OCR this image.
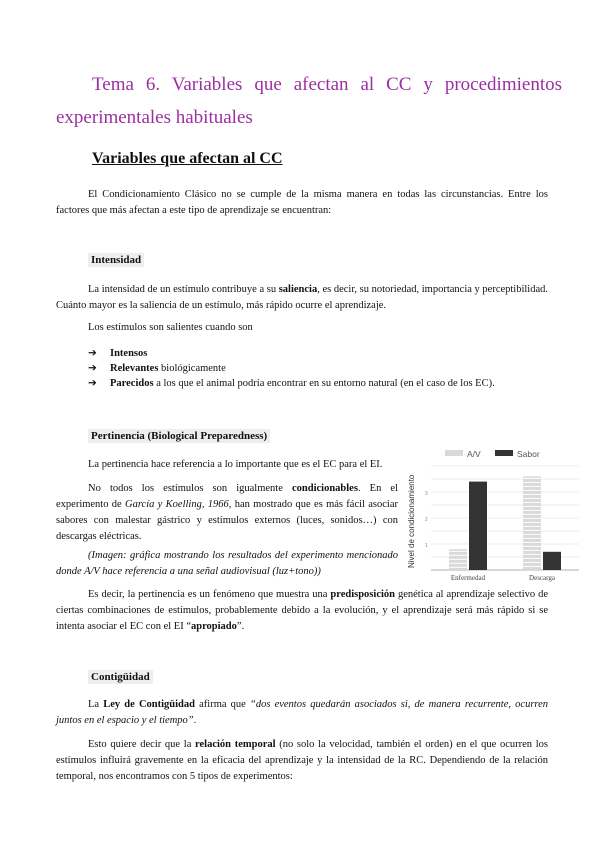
Tema 6. Variables que afectan al CC y procedimientos
experimentales habituales
Variables que afectan al CC
El Condicionamiento Clásico no se cumple de la misma manera en todas las circunstancias. Entre los factores que más afectan a este tipo de aprendizaje se encuentran:
Intensidad
La intensidad de un estímulo contribuye a su saliencia, es decir, su notoriedad, importancia y perceptibilidad. Cuánto mayor es la saliencia de un estímulo, más rápido ocurre el aprendizaje.
Los estímulos son salientes cuando son
➔ Intensos
➔ Relevantes biológicamente
➔ Parecidos a los que el animal podría encontrar en su entorno natural (en el caso de los EC).
Pertinencia (Biological Preparedness)
La pertinencia hace referencia a lo importante que es el EC para el EI.
No todos los estímulos son igualmente condicionables. En el experimento de García y Koelling, 1966, han mostrado que es más fácil asociar sabores con malestar gástrico y estímulos externos (luces, sonidos…) con descargas eléctricas.
(Imagen: gráfica mostrando los resultados del experimento mencionado donde A/V hace referencia a una señal audiovisual (luz+tono))
Es decir, la pertinencia es un fenómeno que muestra una predisposición genética al aprendizaje selectivo de ciertas combinaciones de estímulos, probablemente debido a la evolución, y el aprendizaje será más rápido si se intenta asociar el EC con el EI “apropiado”.
A/V	Sabor
1
2
3
Nivel de condicionamiento
Enfermedad	Descarga
Contigüidad
La Ley de Contigüidad afirma que “dos eventos quedarán asociados si, de manera recurrente, ocurren juntos en el espacio y el tiempo”.
Esto quiere decir que la relación temporal (no solo la velocidad, también el orden) en el que ocurren los estímulos influirá gravemente en la eficacia del aprendizaje y la intensidad de la RC. Dependiendo de la relación temporal, nos encontramos con 5 tipos de experimentos:
